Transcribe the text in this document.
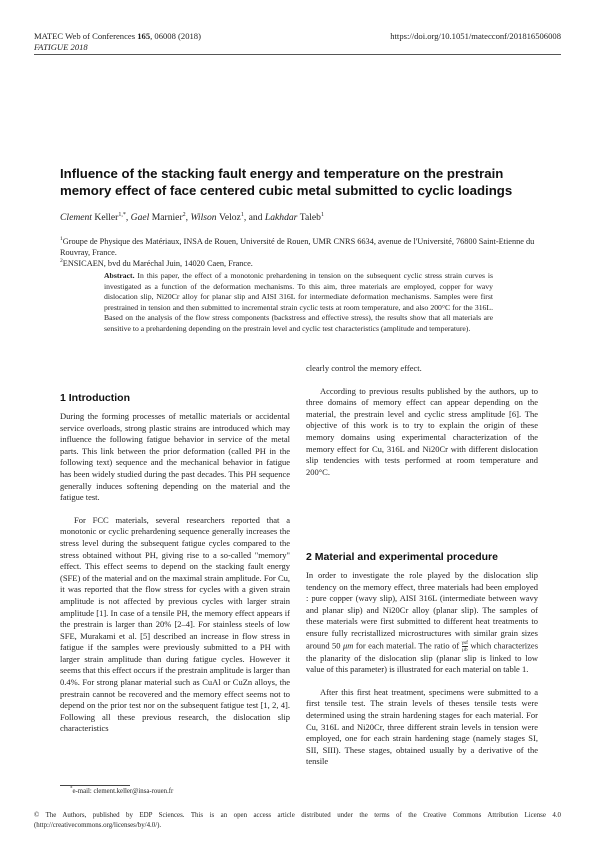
MATEC Web of Conferences 165, 06008 (2018)	https://doi.org/10.1051/matecconf/201816506008
FATIGUE 2018
Influence of the stacking fault energy and temperature on the prestrain memory effect of face centered cubic metal submitted to cyclic loadings
Clement Keller$^{1,*}$, Gael Marnier$^2$, Wilson Veloz$^1$, and Lakhdar Taleb$^1$
$^1$Groupe de Physique des Matériaux, INSA de Rouen, Université de Rouen, UMR CNRS 6634, avenue de l'Université, 76800 Saint-Etienne du Rouvray, France.
$^2$ENSICAEN, bvd du Maréchal Juin, 14020 Caen, France.
Abstract. In this paper, the effect of a monotonic prehardening in tension on the subsequent cyclic stress strain curves is investigated as a function of the deformation mechanisms. To this aim, three materials are employed, copper for wavy dislocation slip, Ni20Cr alloy for planar slip and AISI 316L for intermediate deformation mechanisms. Samples were first prestrained in tension and then submitted to incremental strain cyclic tests at room temperature, and also 200°C for the 316L. Based on the analysis of the flow stress components (backstress and effective stress), the results show that all materials are sensitive to a prehardening depending on the prestrain level and cyclic test characteristics (amplitude and temperature).
1 Introduction

During the forming processes of metallic materials or accidental service overloads, strong plastic strains are introduced which may influence the following fatigue behavior in service of the metal parts. This link between the prior deformation (called PH in the following text) sequence and the mechanical behavior in fatigue has been widely studied during the past decades. This PH sequence generally induces softening depending on the material and the fatigue test.

For FCC materials, several researchers reported that a monotonic or cyclic prehardening sequence generally increases the stress level during the subsequent fatigue cycles compared to the stress obtained without PH, giving rise to a so-called "memory" effect. This effect seems to depend on the stacking fault energy (SFE) of the material and on the maximal strain amplitude. For Cu, it was reported that the flow stress for cycles with a given strain amplitude is not affected by previous cycles with larger strain amplitude [1]. In case of a tensile PH, the memory effect appears if the prestrain is larger than 20% [2–4]. For stainless steels of low SFE, Murakami et al. [5] described an increase in flow stress in fatigue if the samples were previously submitted to a PH with larger strain amplitude than during fatigue cycles. However it seems that this effect occurs if the prestrain amplitude is larger than 0.4%. For strong planar material such as CuAl or CuZn alloys, the prestrain cannot be recovered and the memory effect seems not to depend on the prior test nor on the subsequent fatigue test [1, 2, 4]. Following all these previous research, the dislocation slip characteristics

clearly control the memory effect.

According to previous results published by the authors, up to three domains of memory effect can appear depending on the material, the prestrain level and cyclic stress amplitude [6]. The objective of this work is to try to explain the origin of these memory domains using experimental characterization of the memory effect for Cu, 316L and Ni20Cr with different dislocation slip tendencies with tests performed at room temperature and 200°C.

2 Material and experimental procedure

In order to investigate the role played by the dislocation slip tendency on the memory effect, three materials had been employed : pure copper (wavy slip), AISI 316L (intermediate between wavy and planar slip) and Ni20Cr alloy (planar slip). The samples of these materials were first submitted to different heat treatments to ensure fully recristallized microstructures with similar grain sizes around 50 μm for each material. The ratio of $\frac{\text{γsf}}{\mu b}$ which characterizes the planarity of the dislocation slip (planar slip is linked to low value of this parameter) is illustrated for each material on table 1.

After this first heat treatment, specimens were submitted to a first tensile test. The strain levels of theses tensile tests were determined using the strain hardening stages for each material. For Cu, 316L and Ni20Cr, three different strain levels in tension were employed, one for each strain hardening stage (namely stages SI, SII, SIII). These stages, obtained usually by a derivative of the tensile

*e-mail: clement.keller@insa-rouen.fr
© The Authors, published by EDP Sciences. This is an open access article distributed under the terms of the Creative Commons Attribution License 4.0 (http://creativecommons.org/licenses/by/4.0/).
